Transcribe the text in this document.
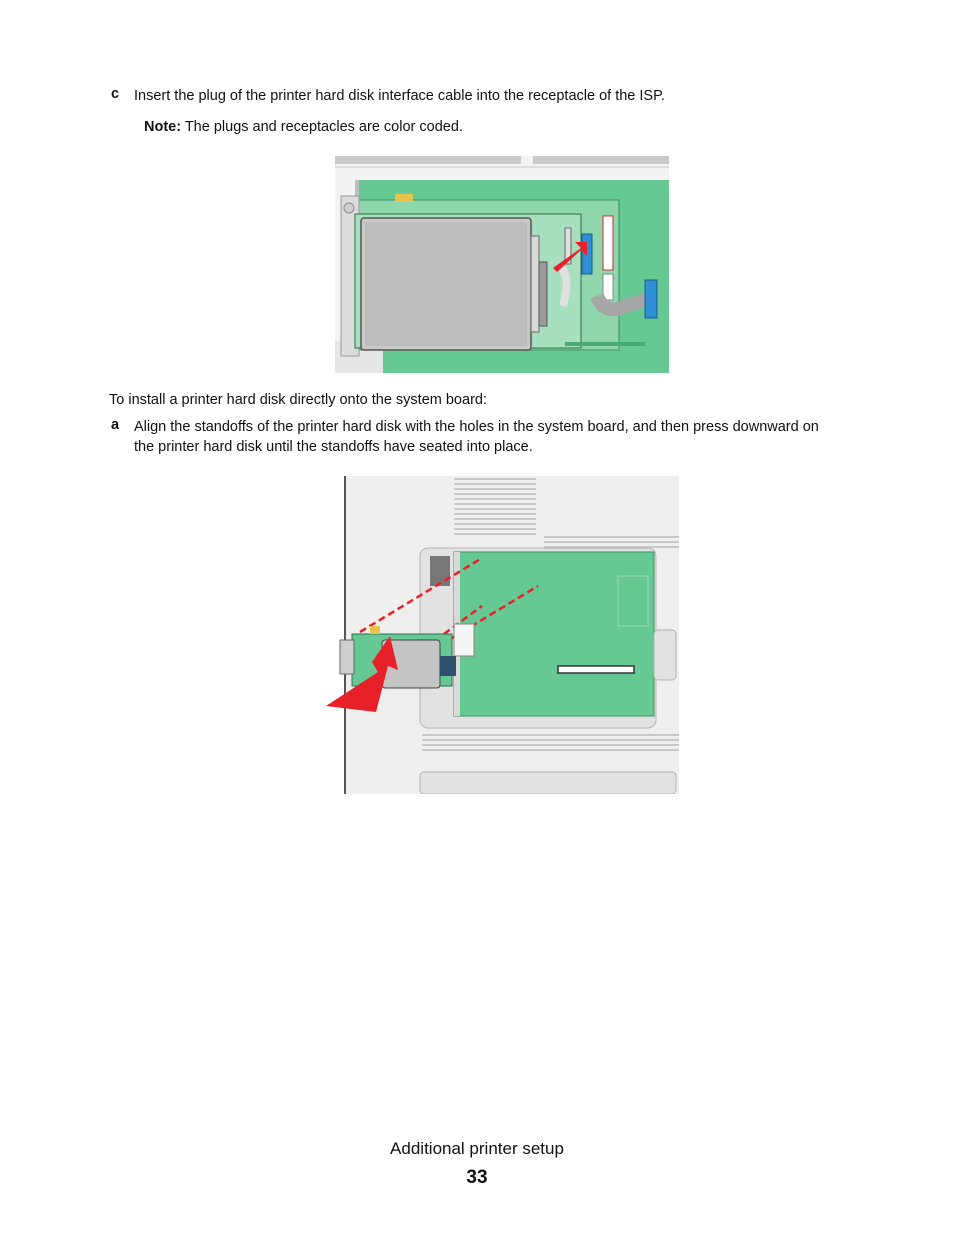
c Insert the plug of the printer hard disk interface cable into the receptacle of the ISP.
Note: The plugs and receptacles are color coded.
To install a printer hard disk directly onto the system board:
a Align the standoffs of the printer hard disk with the holes in the system board, and then press downward on
the printer hard disk until the standoffs have seated into place.
Additional printer setup
33
